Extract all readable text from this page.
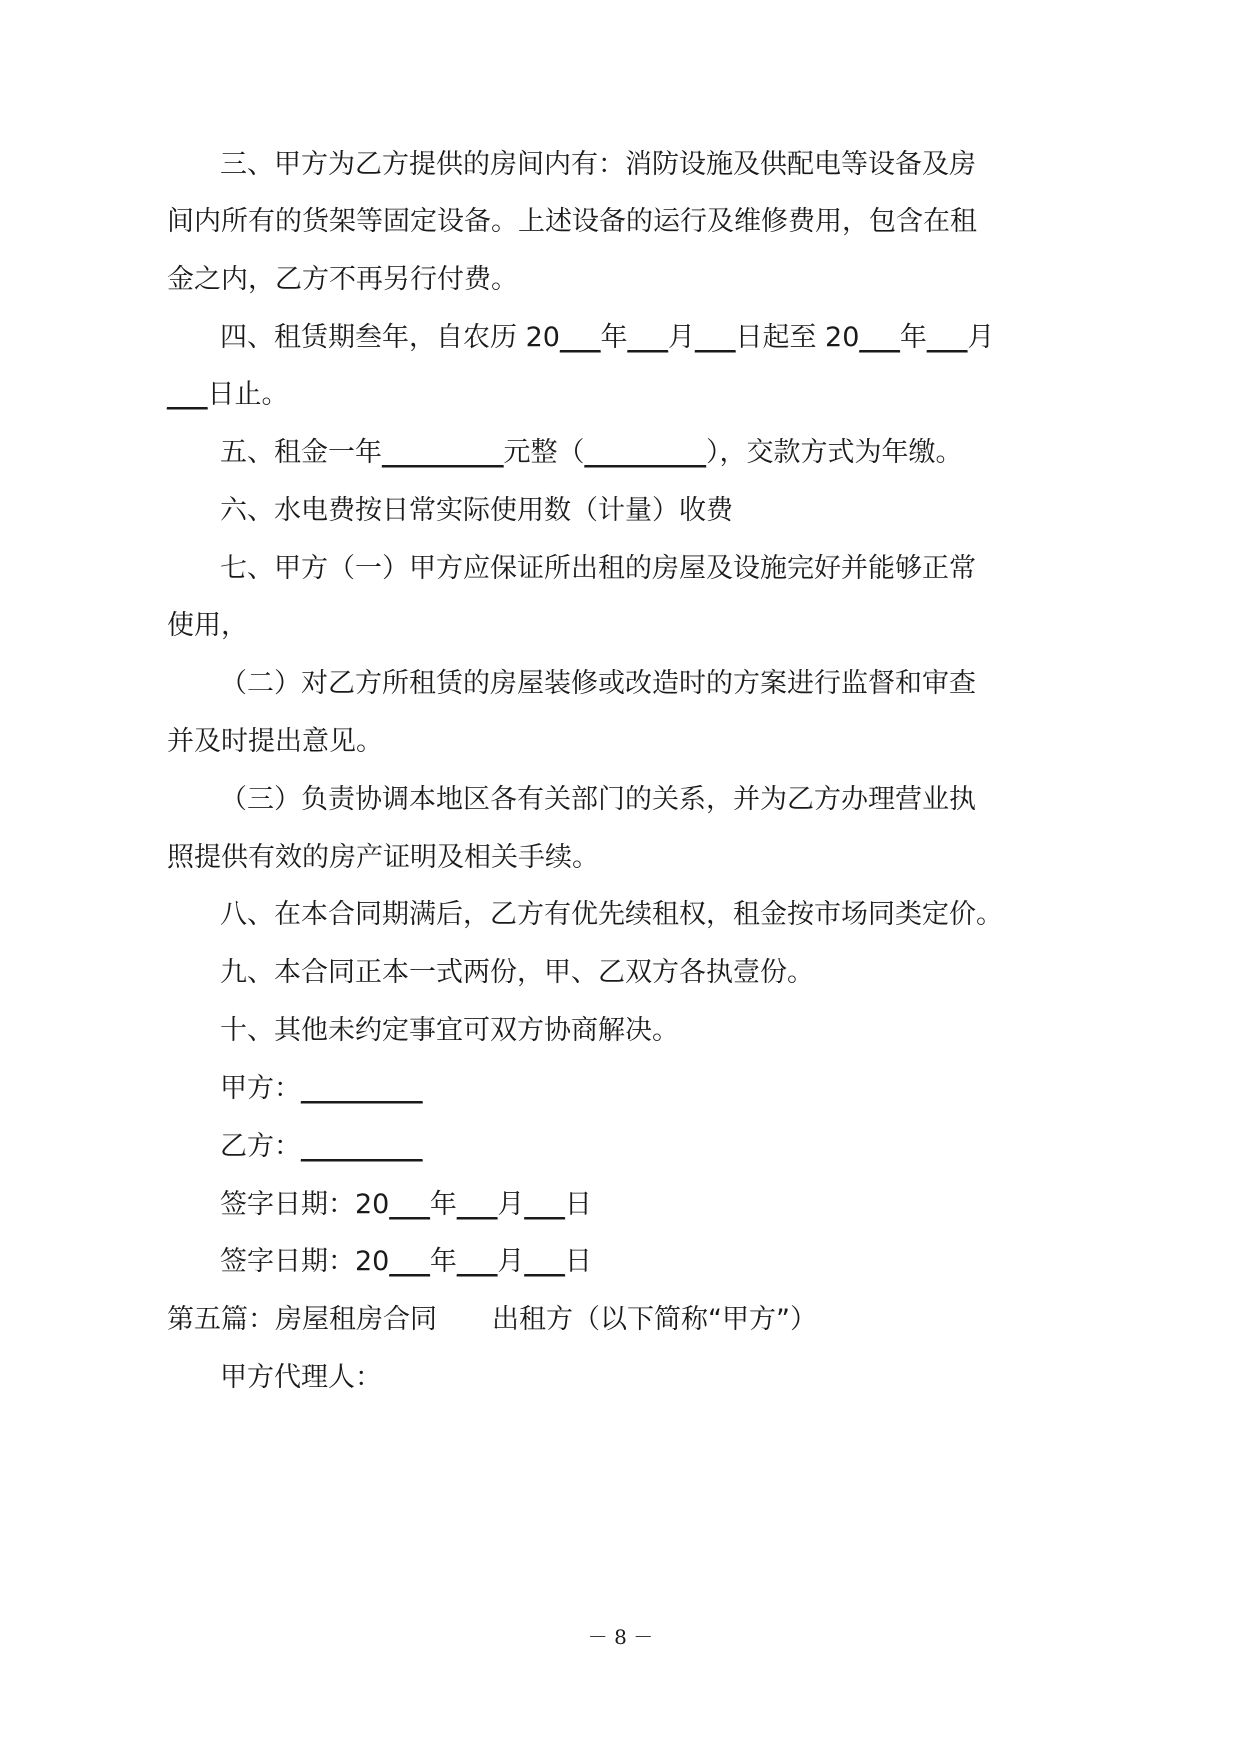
三、甲方为乙方提供的房间内有：消防设施及供配电等设备及房
间内所有的货架等固定设备。上述设备的运行及维修费用，包含在租
金之内，乙方不再另行付费。
四、租赁期叁年，自农历 20___年___月___日起至 20___年___月
___日止。
五、租金一年_________元整（_________），交款方式为年缴。
六、水电费按日常实际使用数（计量）收费
七、甲方（一）甲方应保证所出租的房屋及设施完好并能够正常
使用，
（二）对乙方所租赁的房屋装修或改造时的方案进行监督和审查
并及时提出意见。
（三）负责协调本地区各有关部门的关系，并为乙方办理营业执
照提供有效的房产证明及相关手续。
八、在本合同期满后，乙方有优先续租权，租金按市场同类定价。
九、本合同正本一式两份，甲、乙双方各执壹份。
十、其他未约定事宜可双方协商解决。
甲方：_________
乙方：_________
签字日期：20___年___月___日
签字日期：20___年___月___日
第五篇：房屋租房合同 出租方（以下简称“甲方”）
甲方代理人：
－ 8 －
